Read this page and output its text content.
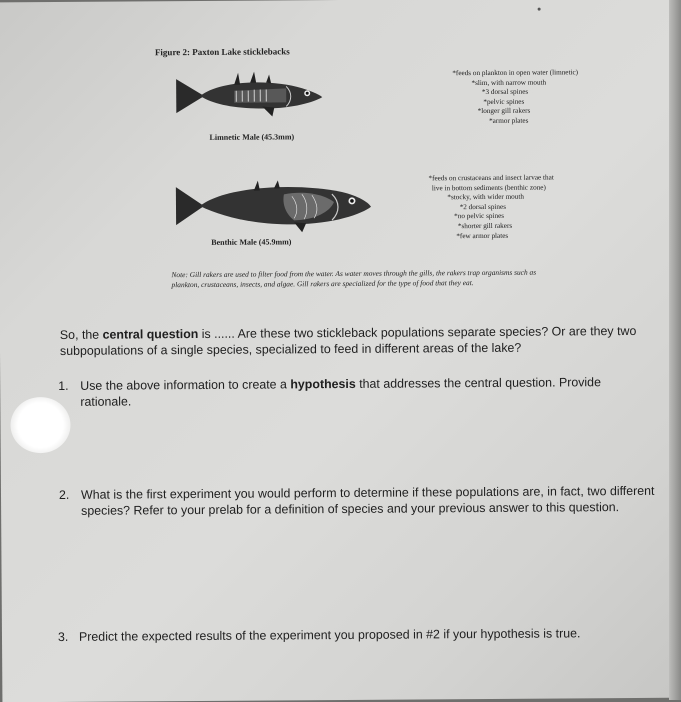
Figure 2: Paxton Lake sticklebacks
Limnetic Male (45.3mm)
*feeds on plankton in open water (limnetic)
*slim, with narrow mouth
*3 dorsal spines
*pelvic spines
*longer gill rakers
*armor plates
Benthic Male (45.9mm)
*feeds on crustaceans and insect larvae that
live in bottom sediments (benthic zone)
*stocky, with wider mouth
*2 dorsal spines
*no pelvic spines
*shorter gill rakers
*few armor plates
Note: Gill rakers are used to filter food from the water. As water moves through the gills, the rakers trap organisms such as plankton, crustaceans, insects, and algae. Gill rakers are specialized for the type of food that they eat.
So, the central question is ...... Are these two stickleback populations separate species? Or are they two subpopulations of a single species, specialized to feed in different areas of the lake?
1. Use the above information to create a hypothesis that addresses the central question. Provide rationale.
2. What is the first experiment you would perform to determine if these populations are, in fact, two different species? Refer to your prelab for a definition of species and your previous answer to this question.
3. Predict the expected results of the experiment you proposed in #2 if your hypothesis is true.
